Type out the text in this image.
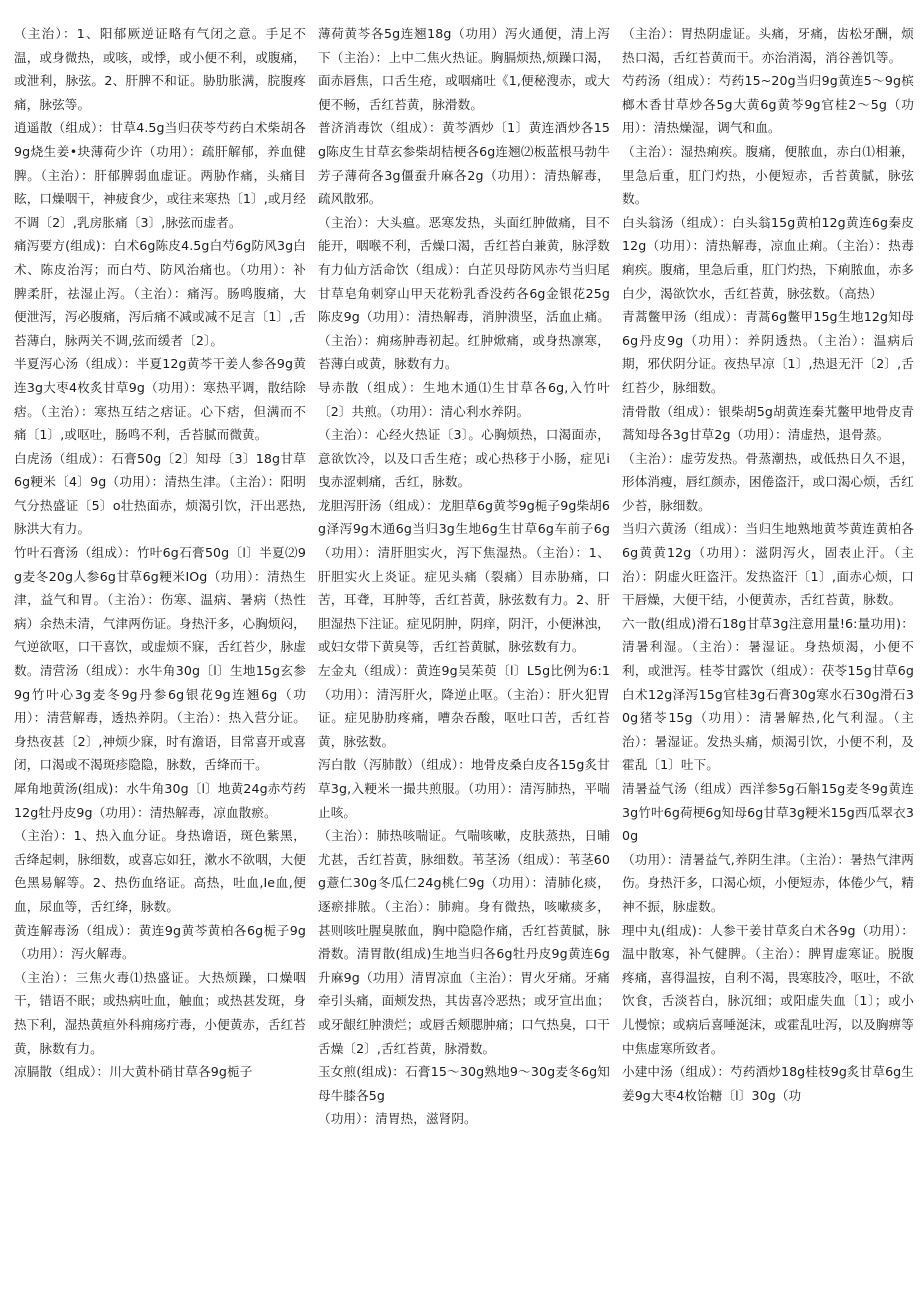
（主治）：1、阳郁厥逆证略有气闭之意。手足不温，或身微热，或咳，或悸，或小便不利，或腹痛，或泄利，脉弦。2、肝脾不和证。胁肋胀满，脘腹疼痛，脉弦等。

逍遥散（组成）：甘草4.5g当归茯苓芍药白术柴胡各9g烧生姜•块薄荷少许（功用）：疏肝解郁，养血健脾。（主治）：肝郁脾弱血虚证。两胁作痛，头痛目眩，口燥咽干，神疲食少，或往来寒热〔1〕,或月经不调〔2〕,乳房胀痛〔3〕,脉弦而虚者。

痛泻要方(组成)：白术6g陈皮4.5g白芍6g防风3g白术、陈皮治泻；而白芍、防风治痛也。（功用）：补脾柔肝，祛湿止泻。（主治）：痛泻。肠鸣腹痛，大便泄泻，泻必腹痛，泻后痛不减或减不足言〔1〕,舌苔薄白，脉两关不调,弦而缓者〔2〕。

半夏泻心汤（组成）：半夏12g黄芩干姜人参各9g黄连3g大枣4枚炙甘草9g（功用）：寒热平调，散结除痞。（主治）：寒热互结之痞证。心下痞，但满而不痛〔1〕,或呕吐，肠鸣不利，舌苔腻而微黄。

白虎汤（组成）：石膏50g〔2〕知母〔3〕18g甘草6g粳米〔4〕9g（功用）：清热生津。（主治）：阳明气分热盛证〔5〕o壮热面赤，烦渴引饮，汗出恶热,脉洪大有力。

竹叶石膏汤（组成）：竹叶6g石膏50g〔l〕半夏⑵9g麦冬20g人参6g甘草6g粳米IOg（功用）：清热生津，益气和胃。（主治）：伤寒、温病、暑病（热性病）余热未清，气津两伤证。身热汗多，心胸烦闷，气逆欲呕，口干喜饮，或虚烦不寐，舌红苔少，脉虚数。清营汤（组成）：水牛角30g〔l〕生地15g玄参9g竹叶心3g麦冬9g丹参6g银花9g连翘6g（功用）：清营解毒，透热养阴。（主治）：热入营分证。身热夜甚〔2〕,神烦少寐，时有澹语，目常喜开或喜闭，口渴或不渴斑疹隐隐，脉数，舌绛而干。

犀角地黄汤(组成)：水牛角30g〔l〕地黄24g赤芍药12g牡丹皮9g（功用）：清热解毒，凉血散瘀。

（主治）：1、热入血分证。身热谵语，斑色紫黑，舌绛起刺，脉细数，或喜忘如狂，漱水不欲咽，大便色黑易解等。2、热伤血络证。高热，吐血,Ie血,便血，尿血等，舌红绛，脉数。

黄连解毒汤（组成）：黄连9g黄芩黄柏各6g栀子9g（功用）：泻火解毒。

（主治）：三焦火毒⑴热盛证。大热烦躁，口燥咽干，错语不眠；或热病吐血，触血；或热甚发斑，身热下利，湿热黄疸外科痈疡疔毒，小便黄赤，舌红苔黄，脉数有力。

凉膈散（组成）：川大黄朴硝甘草各9g栀子

薄荷黄芩各5g连翘18g（功用）泻火通便，清上泻下（主治）：上中二焦火热证。胸膈烦热,烦躁口渴，面赤唇焦，口舌生疮，或咽痛吐《1,便秘溲赤，或大便不畅，舌红苔黄，脉滑数。

普济消毒饮（组成）：黄芩酒炒〔1〕黄连酒炒各15g陈皮生甘草玄参柴胡桔梗各6g连翘⑵板蓝根马勃牛芳子薄荷各3g僵蚕升麻各2g（功用）：清热解毒，疏风散邪。

（主治）：大头瘟。恶寒发热，头面红肿做痛，目不能开，咽喉不利，舌燥口渴，舌红苔白兼黄，脉浮数有力仙方活命饮（组成）：白芷贝母防风赤芍当归尾甘草皂角刺穿山甲天花粉乳香没药各6g金银花25g陈皮9g（功用）：清热解毒，消肿溃坚，活血止痛。（主治）：痈疡肿毒初起。红肿焮痛，或身热凛寒，苔薄白或黄，脉数有力。

导赤散（组成）：生地木通⑴生甘草各6g,入竹叶〔2〕共煎。（功用）：清心利水养阴。

（主治）：心经火热证〔3〕。心胸烦热，口渴面赤，意欲饮冷，以及口舌生疮；或心热移于小肠，症见i曳赤涩刺痛，舌红，脉数。

龙胆泻肝汤（组成）：龙胆草6g黄芩9g栀子9g柴胡6g泽泻9g木通6g当归3g生地6g生甘草6g车前子6g（功用）：清肝胆实火，泻下焦湿热。（主治）：1、肝胆实火上炎证。症见头痛（裂痛）目赤胁痛，口苦，耳聋，耳肿等，舌红苔黄，脉弦数有力。2、肝胆湿热下注证。症见阴肿，阴痒，阴汗，小便淋浊，或妇女带下黄臭等，舌红苔黄腻，脉弦数有力。

左金丸（组成）：黄连9g吴茱萸〔l〕L5g比例为6:1（功用）：清泻肝火，降逆止呕。（主治）：肝火犯胃证。症见胁肋疼痛，嘈杂吞酸，呕吐口苦，舌红苔黄，脉弦数。

泻白散（泻肺散）（组成）：地骨皮桑白皮各15g炙甘草3g,入粳米一撮共煎服。（功用）：清泻肺热，平喘止咳。

（主治）：肺热咳喘证。气喘咳嗽，皮肤蒸热，日晡尤甚，舌红苔黄，脉细数。苇茎汤（组成）：苇茎60g薏仁30g冬瓜仁24g桃仁9g（功用）：清肺化痰，逐瘀排脓。（主治）：肺痈。身有微热，咳嗽痰多，甚则咳吐腥臭脓血，胸中隐隐作痛，舌红苔黄腻，脉滑数。清胃散(组成)生地当归各6g牡丹皮9g黄连6g升麻9g（功用）清胃凉血（主治）：胃火牙痛。牙痛牵引头痛，面颊发热，其齿喜冷恶热；或牙宣出血；或牙龈红肿溃烂；或唇舌颊腮肿痛；口气热臭，口干舌燥〔2〕,舌红苔黄，脉滑数。

玉女煎(组成)：石膏15～30g熟地9～30g麦冬6g知母牛膝各5g

（功用）：清胃热，滋肾阴。

（主治）：胃热阴虚证。头痛，牙痛，齿松牙酬，烦热口渴，舌红苔黄而干。亦治消渴，消谷善饥等。

芍药汤（组成）：芍药15~20g当归9g黄连5～9g槟榔木香甘草炒各5g大黄6g黄芩9g官桂2～5g（功用）：清热燥湿，调气和血。

（主治）：湿热痢疾。腹痛，便脓血，赤白⑴相兼，里急后重，肛门灼热，小便短赤，舌苔黄腻，脉弦数。

白头翁汤（组成）：白头翁15g黄柏12g黄连6g秦皮12g（功用）：清热解毒，凉血止痢。（主治）：热毒痢疾。腹痛，里急后重，肛门灼热，下痢脓血，赤多白少，渴欲饮水，舌红苔黄，脉弦数。（高热）

青蒿鳖甲汤（组成）：青蒿6g鳖甲15g生地12g知母6g丹皮9g（功用）：养阴透热。（主治）：温病后期，邪伏阴分证。夜热早凉〔1〕,热退无汗〔2〕,舌红苔少，脉细数。

清骨散（组成）：银柴胡5g胡黄连秦艽鳖甲地骨皮青蒿知母各3g甘草2g（功用）：清虚热，退骨蒸。

（主治）：虚劳发热。骨蒸潮热，或低热日久不退，形体消瘦，唇红颜赤，困倦盗汗，或口渴心烦，舌红少苔，脉细数。

当归六黄汤（组成）：当归生地熟地黄芩黄连黄柏各6g黄黄12g（功用）：滋阴泻火，固表止汗。（主治）：阴虚火旺盗汗。发热盗汗〔1〕,面赤心烦，口干唇燥，大便干结，小便黄赤，舌红苔黄，脉数。

六一散(组成)滑石18g甘草3g注意用量!6:量功用)：清暑利湿。（主治）：暑湿证。身热烦渴，小便不利，或泄泻。桂苓甘露饮（组成）：茯苓15g甘草6g白术12g泽泻15g官桂3g石膏30g寒水石30g滑石30g猪苓15g（功用）：清暑解热,化气利湿。（主治）：暑湿证。发热头痛，烦渴引饮，小便不利，及霍乱〔1〕吐下。

清暑益气汤（组成）西洋参5g石斛15g麦冬9g黄连3g竹叶6g荷梗6g知母6g甘草3g粳米15g西瓜翠衣30g

（功用）：清暑益气,养阴生津。（主治）：暑热气津两伤。身热汗多，口渴心烦，小便短赤，体倦少气，精神不振，脉虚数。

理中丸(组成)：人参干姜甘草炙白术各9g（功用）：温中散寒，补气健脾。（主治）：脾胃虚寒证。脱腹疼痛，喜得温按，自利不渴，畏寒肢冷，呕吐，不欲饮食，舌淡苔白，脉沉细；或阳虚失血〔1〕；或小儿慢惊；或病后喜唾涎沫，或霍乱吐泻，以及胸痹等中焦虚寒所致者。

小建中汤（组成）：芍药酒炒18g桂枝9g炙甘草6g生姜9g大枣4枚饴糖〔l〕30g（功
